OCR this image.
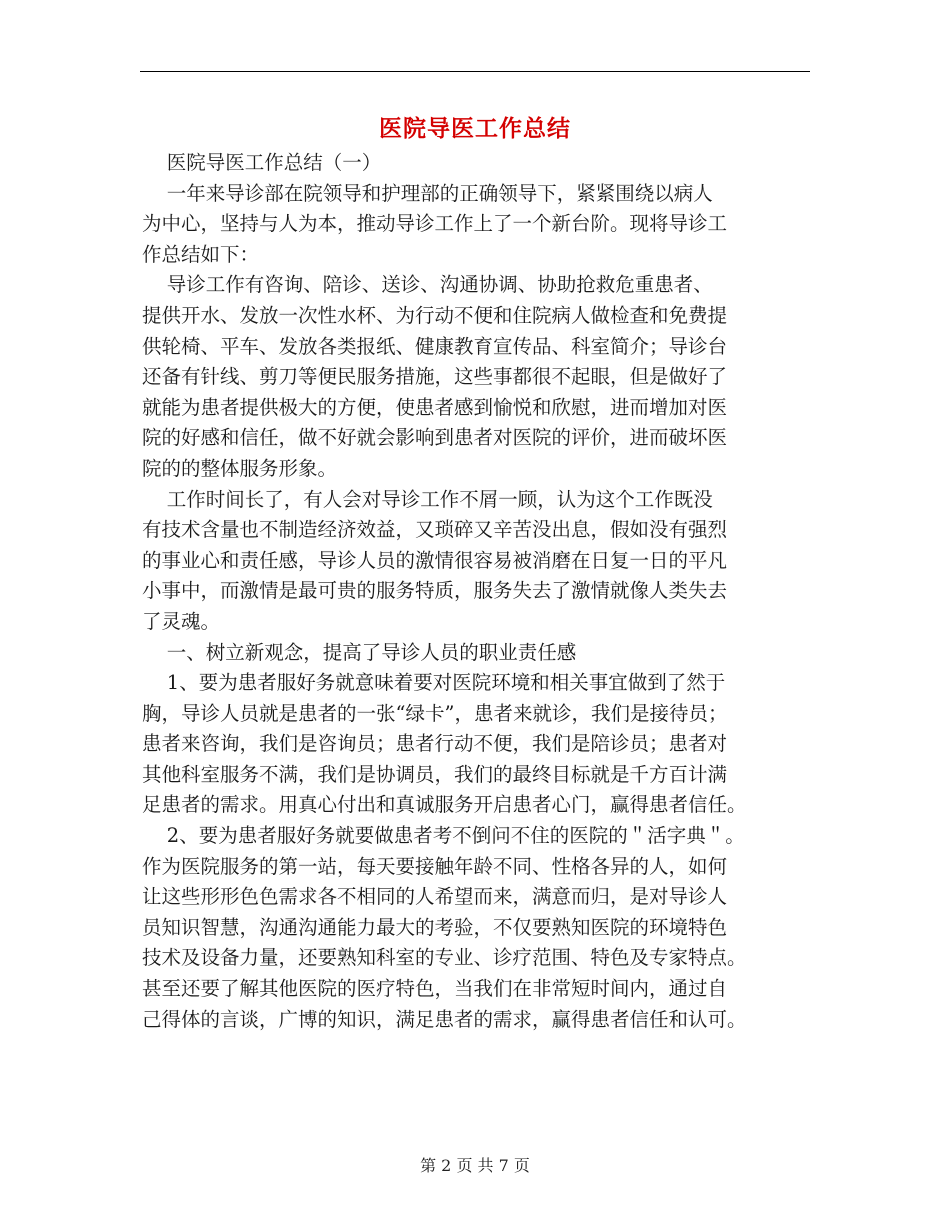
医院导医工作总结
医院导医工作总结（一）
一年来导诊部在院领导和护理部的正确领导下，紧紧围绕以病人
为中心，坚持与人为本，推动导诊工作上了一个新台阶。现将导诊工
作总结如下：
导诊工作有咨询、陪诊、送诊、沟通协调、协助抢救危重患者、
提供开水、发放一次性水杯、为行动不便和住院病人做检查和免费提
供轮椅、平车、发放各类报纸、健康教育宣传品、科室简介；导诊台
还备有针线、剪刀等便民服务措施，这些事都很不起眼，但是做好了
就能为患者提供极大的方便，使患者感到愉悦和欣慰，进而增加对医
院的好感和信任，做不好就会影响到患者对医院的评价，进而破坏医
院的的整体服务形象。
工作时间长了，有人会对导诊工作不屑一顾，认为这个工作既没
有技术含量也不制造经济效益，又琐碎又辛苦没出息，假如没有强烈
的事业心和责任感，导诊人员的激情很容易被消磨在日复一日的平凡
小事中，而激情是最可贵的服务特质，服务失去了激情就像人类失去
了灵魂。
一、树立新观念，提高了导诊人员的职业责任感
1、要为患者服好务就意味着要对医院环境和相关事宜做到了然于
胸，导诊人员就是患者的一张“绿卡”，患者来就诊，我们是接待员；
患者来咨询，我们是咨询员；患者行动不便，我们是陪诊员；患者对
其他科室服务不满，我们是协调员，我们的最终目标就是千方百计满
足患者的需求。用真心付出和真诚服务开启患者心门，赢得患者信任。
2、要为患者服好务就要做患者考不倒问不住的医院的＂活字典＂。
作为医院服务的第一站，每天要接触年龄不同、性格各异的人，如何
让这些形形色色需求各不相同的人希望而来，满意而归，是对导诊人
员知识智慧，沟通沟通能力最大的考验，不仅要熟知医院的环境特色
技术及设备力量，还要熟知科室的专业、诊疗范围、特色及专家特点。
甚至还要了解其他医院的医疗特色，当我们在非常短时间内，通过自
己得体的言谈，广博的知识，满足患者的需求，赢得患者信任和认可。
第 2 页 共 7 页
